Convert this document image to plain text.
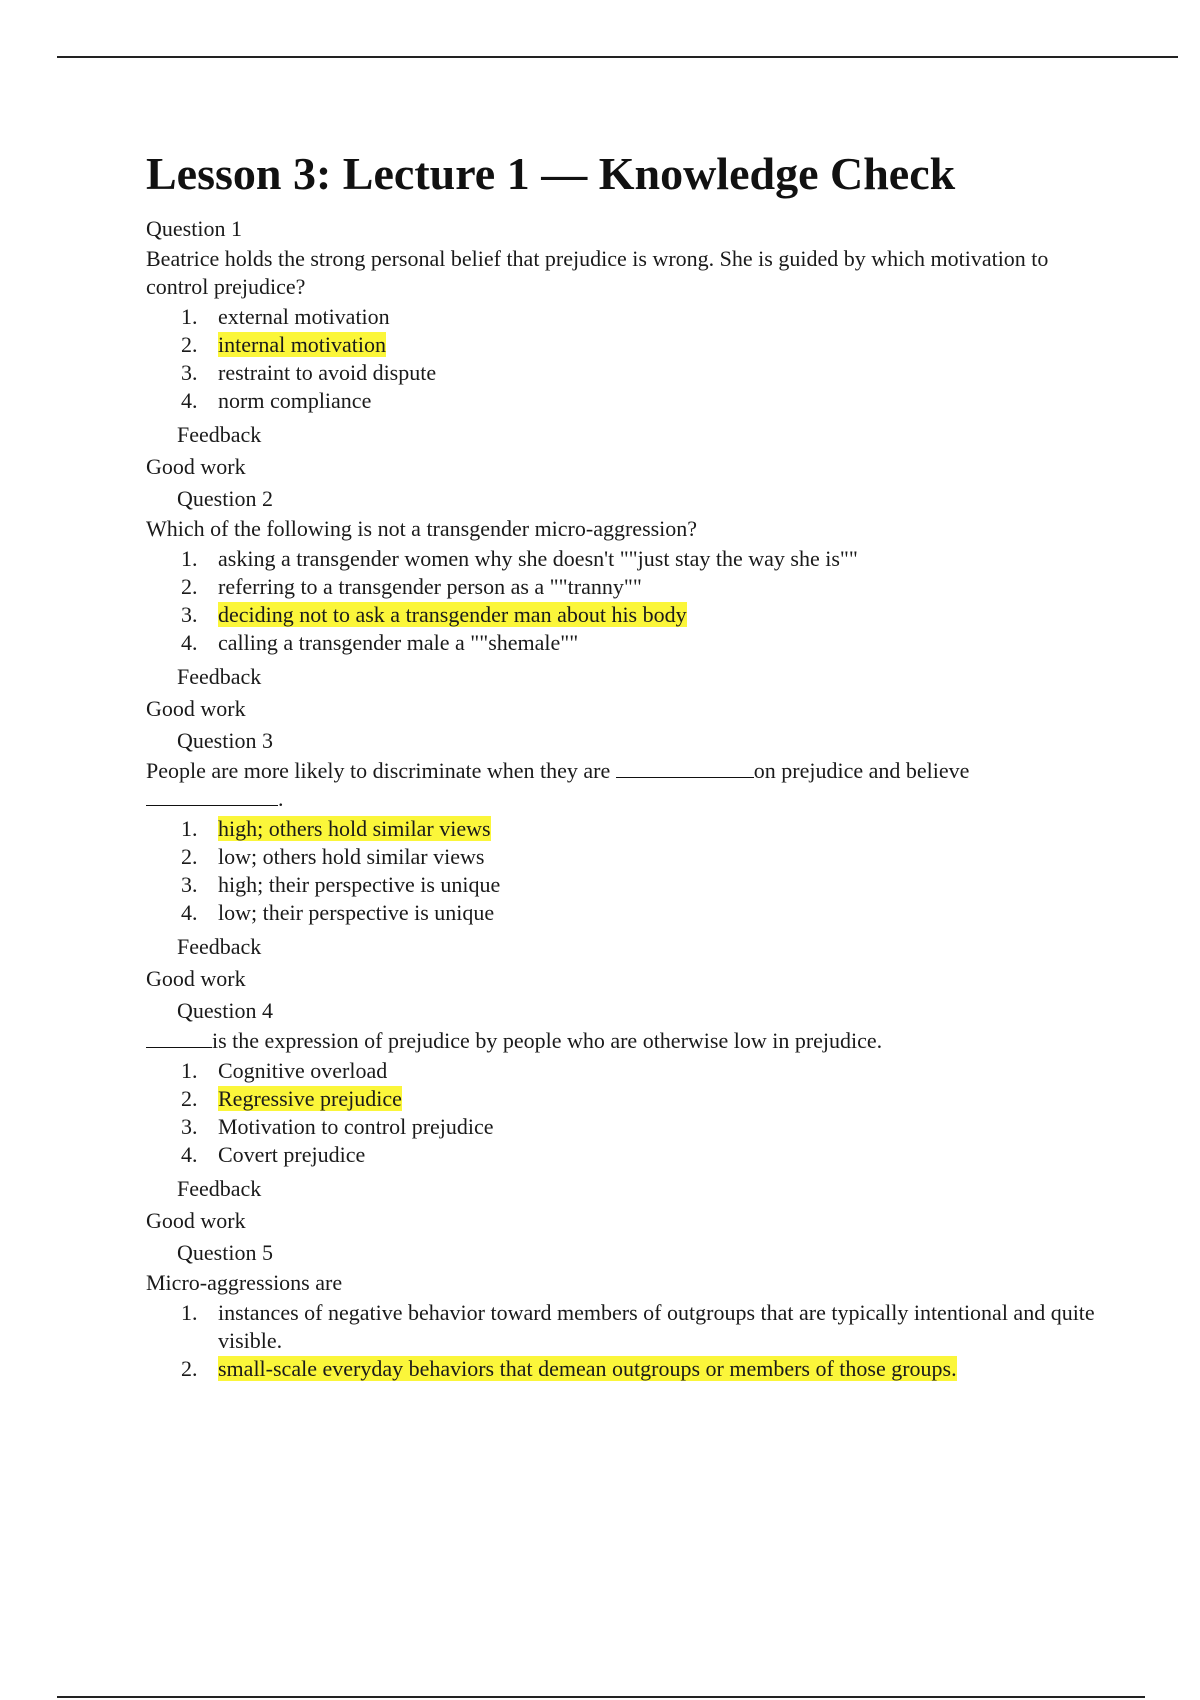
Lesson 3: Lecture 1 — Knowledge Check
Question 1

Beatrice holds the strong personal belief that prejudice is wrong. She is guided by which motivation to control prejudice?

1. external motivation
2. internal motivation
3. restraint to avoid dispute
4. norm compliance
Feedback
Good work
Question 2

Which of the following is not a transgender micro-aggression?

1. asking a transgender women why she doesn't ""just stay the way she is""
2. referring to a transgender person as a ""tranny""
3. deciding not to ask a transgender man about his body
4. calling a transgender male a ""shemale""
Feedback
Good work
Question 3

People are more likely to discriminate when they are	on prejudice and believe
.

1. high; others hold similar views
2. low; others hold similar views
3. high; their perspective is unique
4. low; their perspective is unique
Feedback
Good work
Question 4

is the expression of prejudice by people who are otherwise low in prejudice.

1. Cognitive overload
2. Regressive prejudice
3. Motivation to control prejudice
4. Covert prejudice
Feedback
Good work
Question 5

Micro-aggressions are

1. instances of negative behavior toward members of outgroups that are typically intentional and quite visible.
2. small-scale everyday behaviors that demean outgroups or members of those groups.
